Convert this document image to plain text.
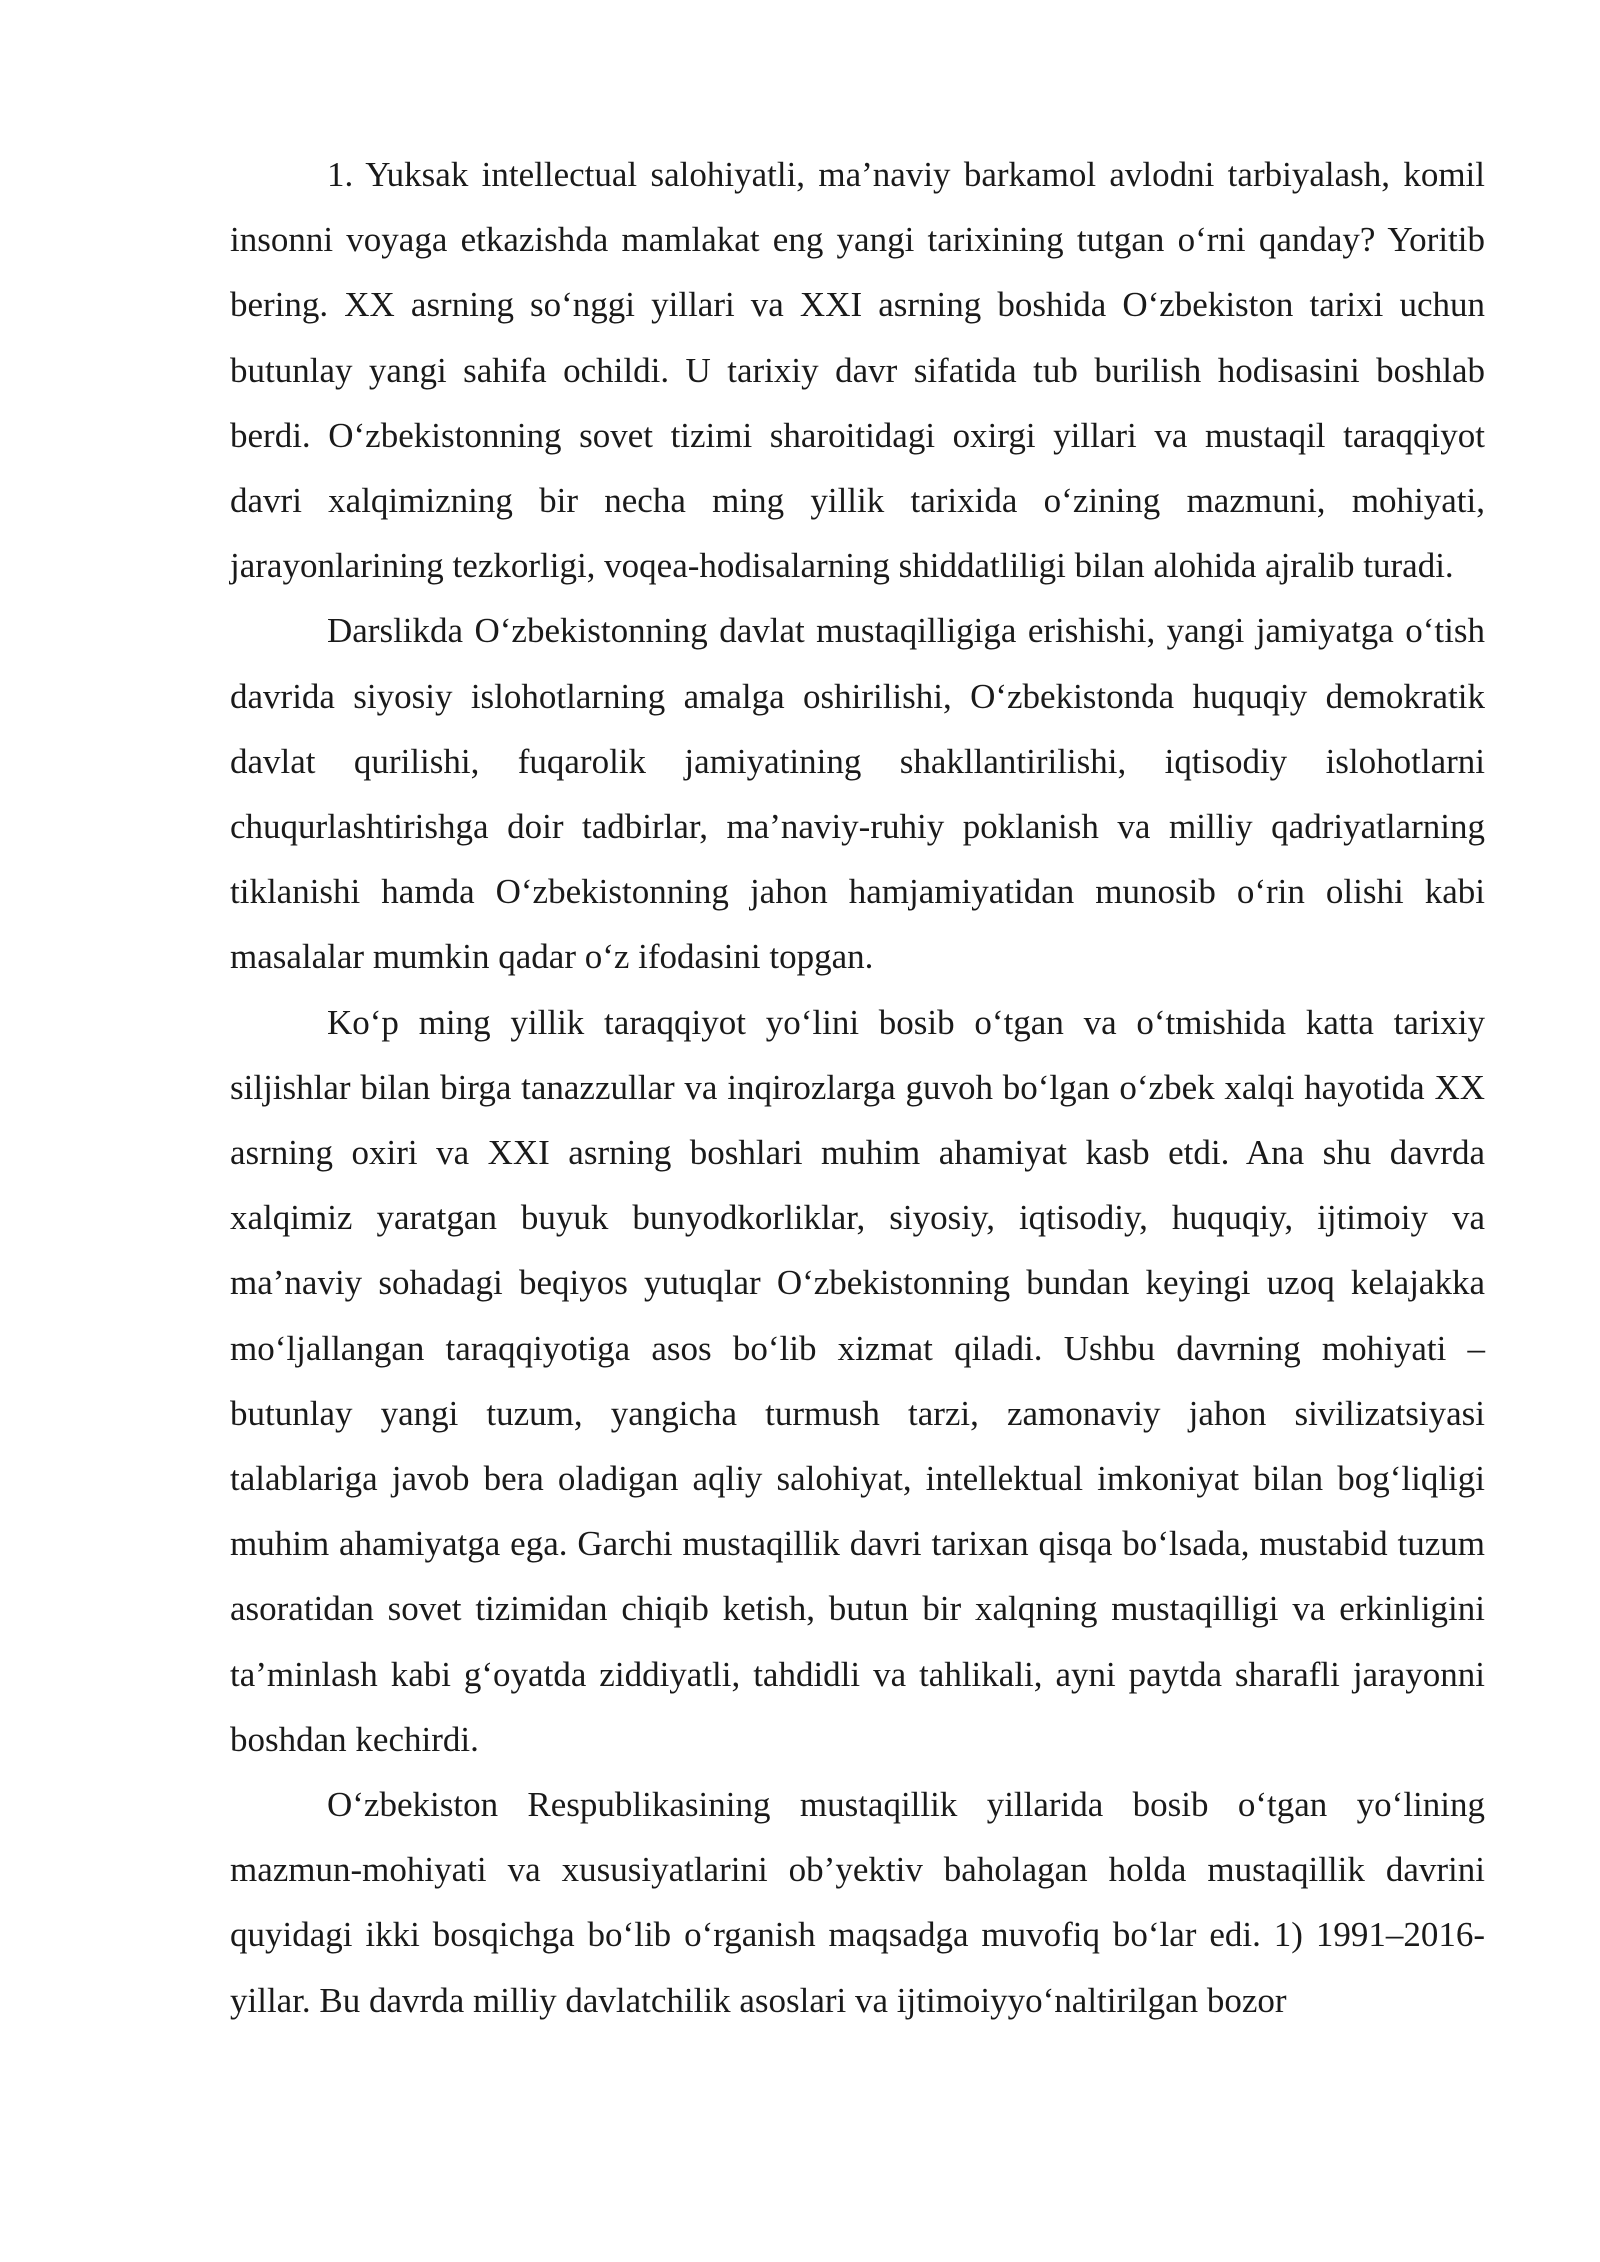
1. Yuksak intellectual salohiyatli, ma’naviy barkamol avlodni tarbiyalash, komil insonni voyaga etkazishda mamlakat eng yangi tarixining tutgan o‘rni qanday? Yoritib bering. XX asrning so‘nggi yillari va XXI asrning boshida O‘zbekiston tarixi uchun butunlay yangi sahifa ochildi. U tarixiy davr sifatida tub burilish hodisasini boshlab berdi. O‘zbekistonning sovet tizimi sharoitidagi oxirgi yillari va mustaqil taraqqiyot davri xalqimizning bir necha ming yillik tarixida o‘zining mazmuni, mohiyati, jarayonlarining tezkorligi, voqea-hodisalarning shiddatliligi bilan alohida ajralib turadi.

Darslikda O‘zbekistonning davlat mustaqilligiga erishishi, yangi jamiyatga o‘tish davrida siyosiy islohotlarning amalga oshirilishi, O‘zbekistonda huquqiy demokratik davlat qurilishi, fuqarolik jamiyatining shakllantirilishi, iqtisodiy islohotlarni chuqurlashtirishga doir tadbirlar, ma’naviy-ruhiy poklanish va milliy qadriyatlarning tiklanishi hamda O‘zbekistonning jahon hamjamiyatidan munosib o‘rin olishi kabi masalalar mumkin qadar o‘z ifodasini topgan.

Ko‘p ming yillik taraqqiyot yo‘lini bosib o‘tgan va o‘tmishida katta tarixiy siljishlar bilan birga tanazzullar va inqirozlarga guvoh bo‘lgan o‘zbek xalqi hayotida XX asrning oxiri va XXI asrning boshlari muhim ahamiyat kasb etdi. Ana shu davrda xalqimiz yaratgan buyuk bunyodkorliklar, siyosiy, iqtisodiy, huquqiy, ijtimoiy va ma’naviy sohadagi beqiyos yutuqlar O‘zbekistonning bundan keyingi uzoq kelajakka mo‘ljallangan taraqqiyotiga asos bo‘lib xizmat qiladi. Ushbu davrning mohiyati – butunlay yangi tuzum, yangicha turmush tarzi, zamonaviy jahon sivilizatsiyasi talablariga javob bera oladigan aqliy salohiyat, intellektual imkoniyat bilan bog‘liqligi muhim ahamiyatga ega. Garchi mustaqillik davri tarixan qisqa bo‘lsada, mustabid tuzum asoratidan sovet tizimidan chiqib ketish, butun bir xalqning mustaqilligi va erkinligini ta’minlash kabi g‘oyatda ziddiyatli, tahdidli va tahlikali, ayni paytda sharafli jarayonni boshdan kechirdi.

O‘zbekiston Respublikasining mustaqillik yillarida bosib o‘tgan yo‘lining mazmun-mohiyati va xususiyatlarini ob’yektiv baholagan holda mustaqillik davrini quyidagi ikki bosqichga bo‘lib o‘rganish maqsadga muvofiq bo‘lar edi. 1) 1991–2016-yillar. Bu davrda milliy davlatchilik asoslari va ijtimoiyyo‘naltirilgan bozor
